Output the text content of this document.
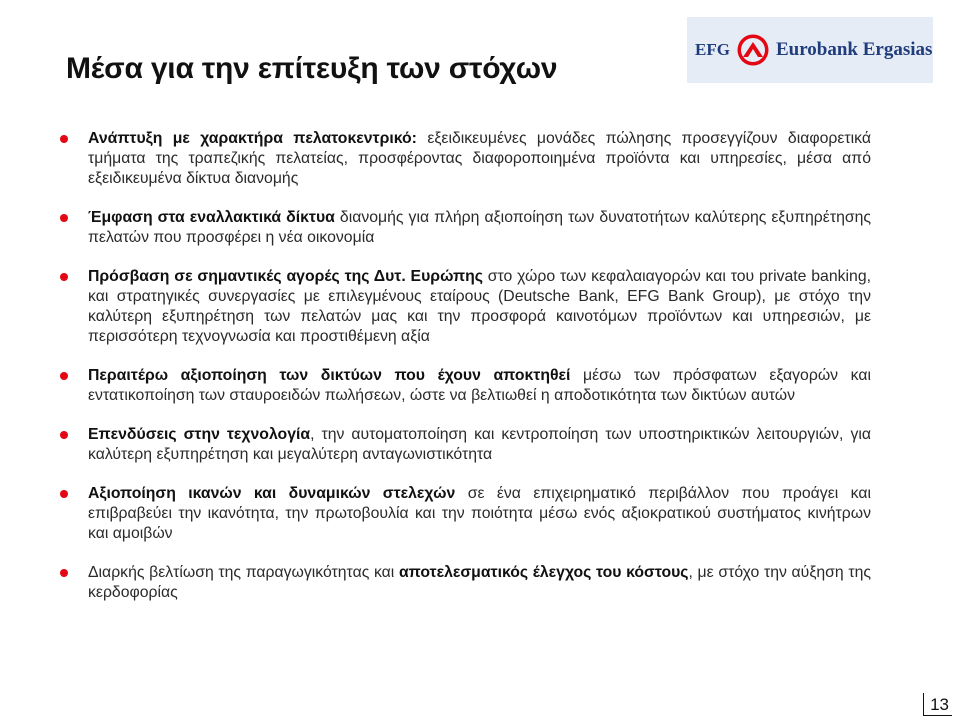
Μέσα για την επίτευξη των στόχων
EFG Eurobank Ergasias
Ανάπτυξη με χαρακτήρα πελατοκεντρικό: εξειδικευμένες μονάδες πώλησης προσεγγίζουν διαφορετικά τμήματα της τραπεζικής πελατείας, προσφέροντας διαφοροποιημένα προϊόντα και υπηρεσίες, μέσα από εξειδικευμένα δίκτυα διανομής
Έμφαση στα εναλλακτικά δίκτυα διανομής για πλήρη αξιοποίηση των δυνατοτήτων καλύτερης εξυπηρέτησης πελατών που προσφέρει η νέα οικονομία
Πρόσβαση σε σημαντικές αγορές της Δυτ. Ευρώπης στο χώρο των κεφαλαιαγορών και του private banking, και στρατηγικές συνεργασίες με επιλεγμένους εταίρους (Deutsche Bank, EFG Bank Group), με στόχο την καλύτερη εξυπηρέτηση των πελατών μας και την προσφορά καινοτόμων προϊόντων και υπηρεσιών, με περισσότερη τεχνογνωσία και προστιθέμενη αξία
Περαιτέρω αξιοποίηση των δικτύων που έχουν αποκτηθεί μέσω των πρόσφατων εξαγορών και εντατικοποίηση των σταυροειδών πωλήσεων, ώστε να βελτιωθεί η αποδοτικότητα των δικτύων αυτών
Επενδύσεις στην τεχνολογία, την αυτοματοποίηση και κεντροποίηση των υποστηρικτικών λειτουργιών, για καλύτερη εξυπηρέτηση και μεγαλύτερη ανταγωνιστικότητα
Αξιοποίηση ικανών και δυναμικών στελεχών σε ένα επιχειρηματικό περιβάλλον που προάγει και επιβραβεύει την ικανότητα, την πρωτοβουλία και την ποιότητα μέσω ενός αξιοκρατικού συστήματος κινήτρων και αμοιβών
Διαρκής βελτίωση της παραγωγικότητας και αποτελεσματικός έλεγχος του κόστους, με στόχο την αύξηση της κερδοφορίας
13
